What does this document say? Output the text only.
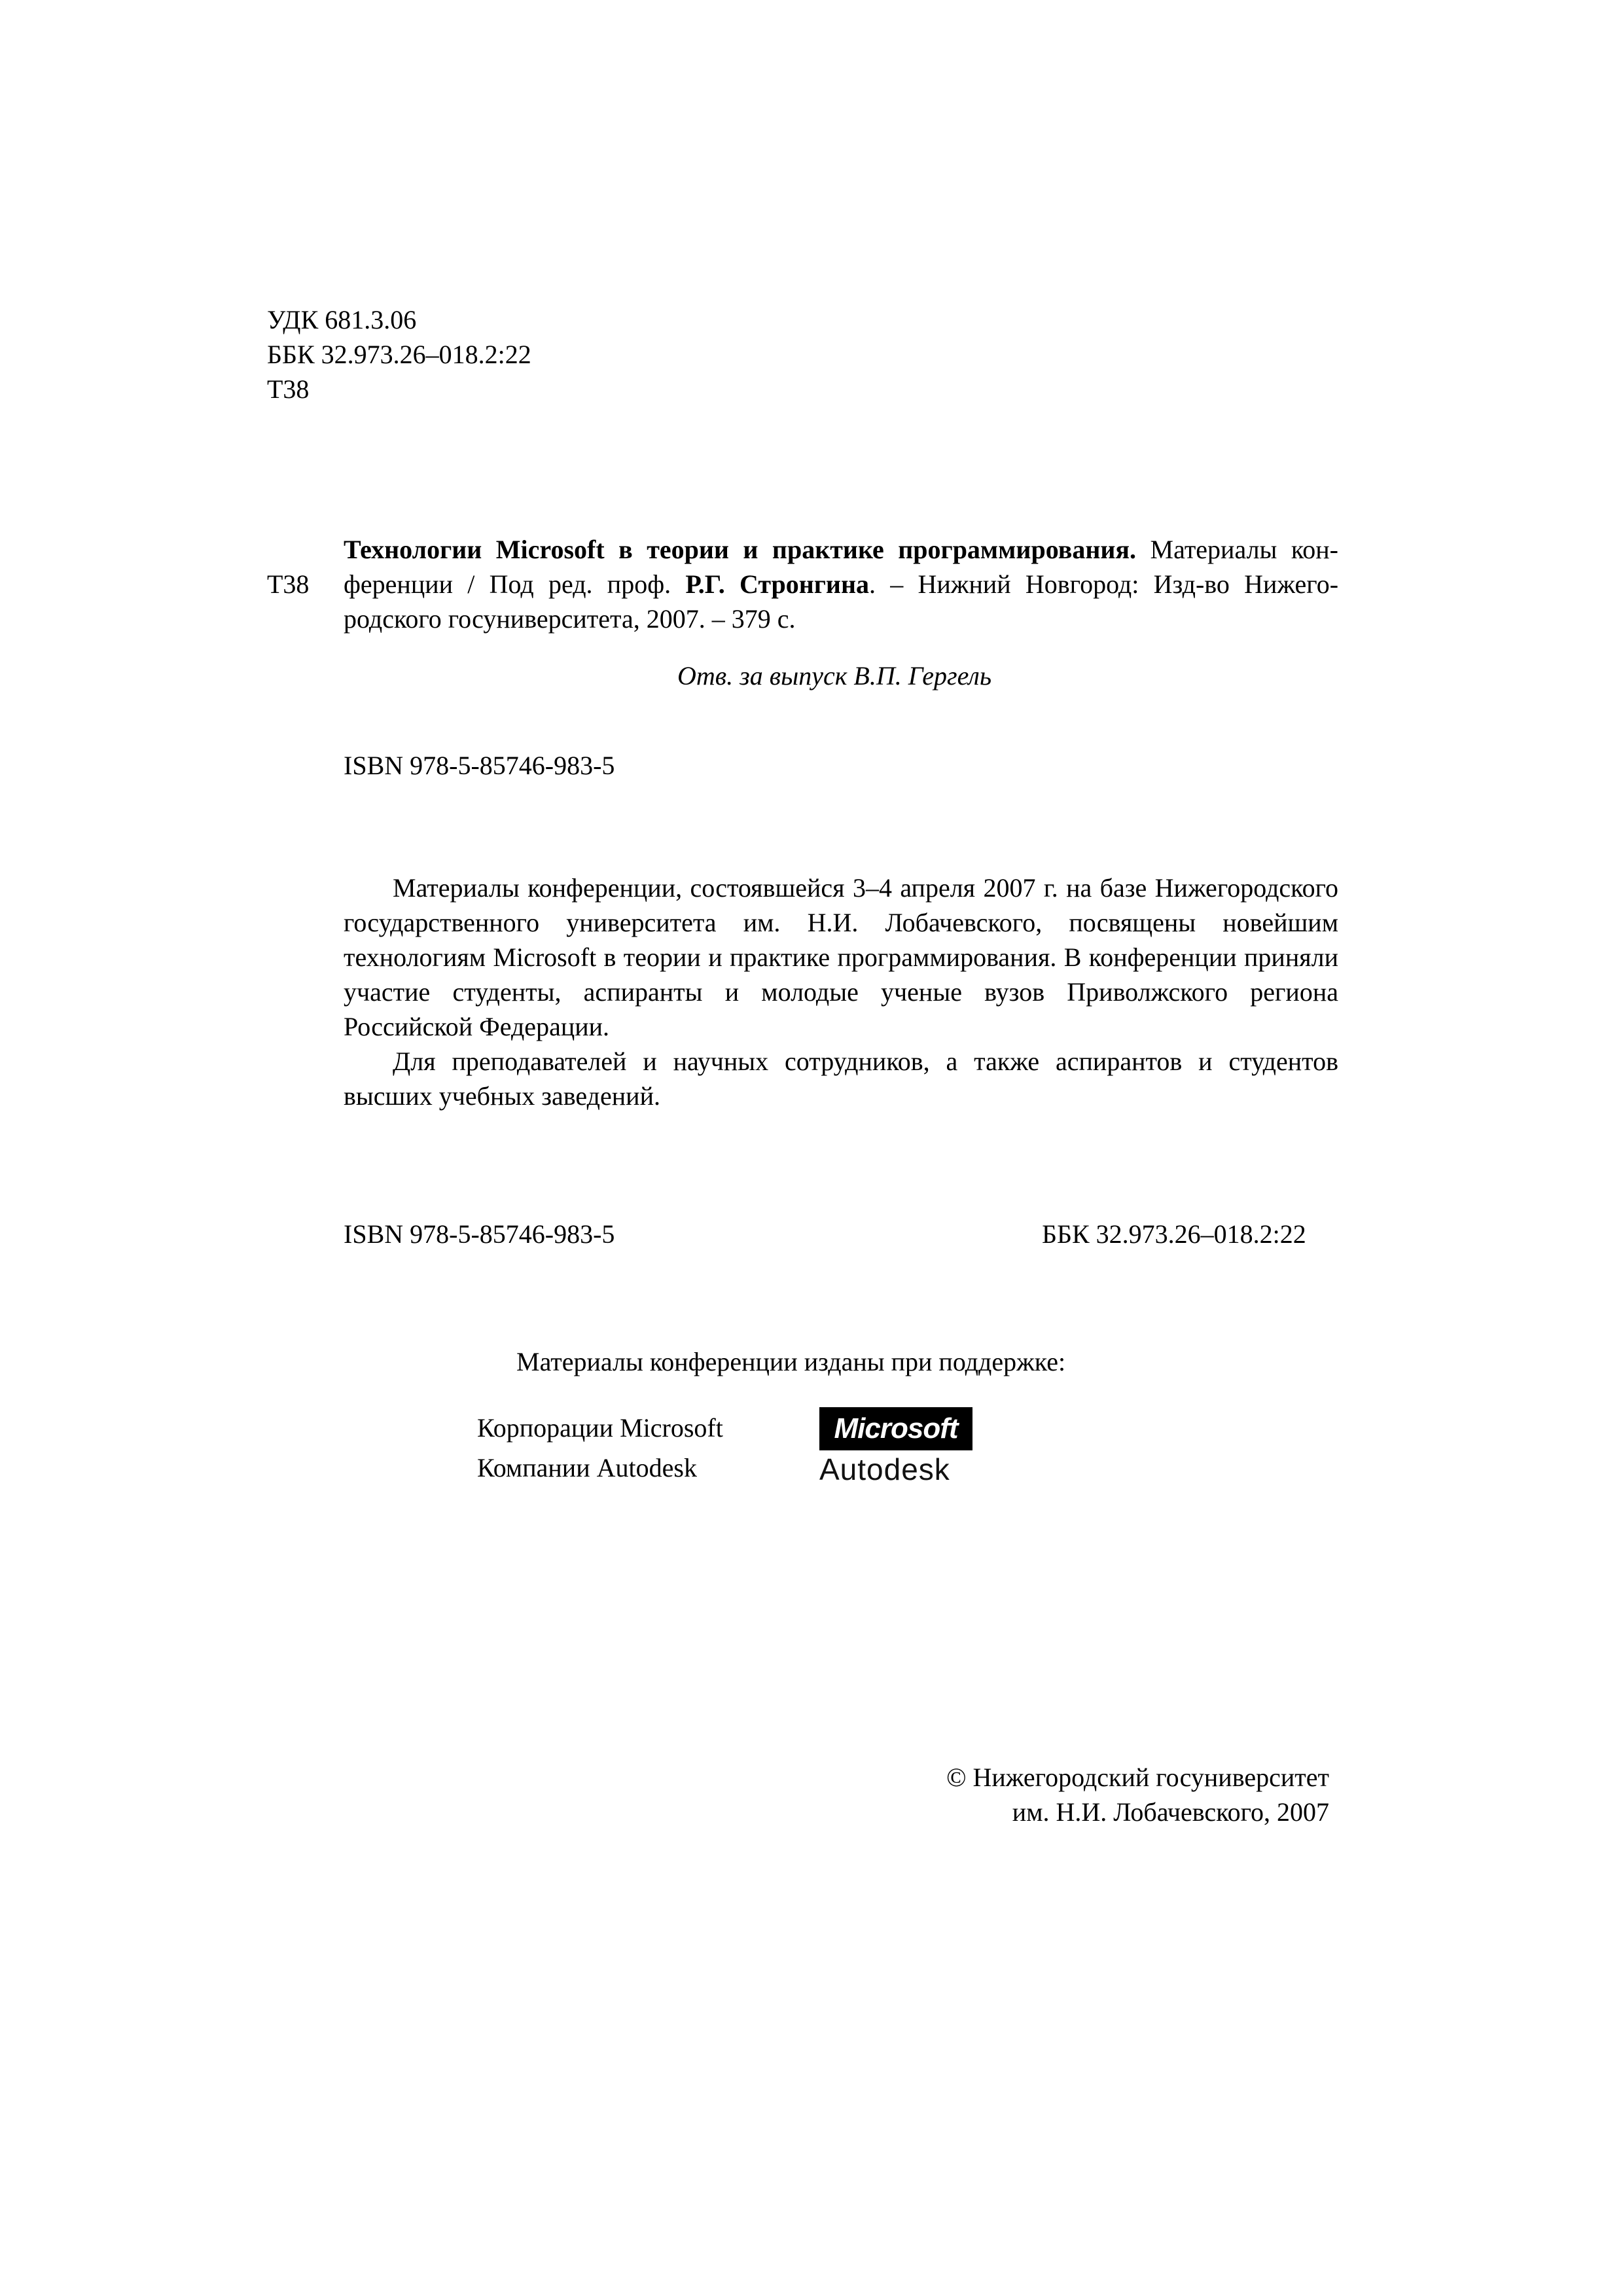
УДК 681.3.06
ББК 32.973.26–018.2:22
Т38
Т38
Технологии Microsoft в теории и практике программирования. Материалы кон-
ференции / Под ред. проф. Р.Г. Стронгина. – Нижний Новгород: Изд-во Нижего-
родского госуниверситета, 2007. – 379 с.
Отв. за выпуск В.П. Гергель
ISBN 978-5-85746-983-5

Материалы конференции, состоявшейся 3–4 апреля 2007 г. на базе Нижегородского государственного университета им. Н.И. Лобачевского, посвящены новейшим технологиям Microsoft в теории и практике программирования. В конференции приняли участие студенты, аспиранты и молодые ученые вузов Приволжского региона Российской Федерации.

Для преподавателей и научных сотрудников, а также аспирантов и студентов высших учебных заведений.

ISBN 978-5-85746-983-5	ББК 32.973.26–018.2:22
Материалы конференции изданы при поддержке:
Корпорации Microsoft
Компании Autodesk
Microsoft
Autodesk
© Нижегородский госуниверситет
им. Н.И. Лобачевского, 2007
